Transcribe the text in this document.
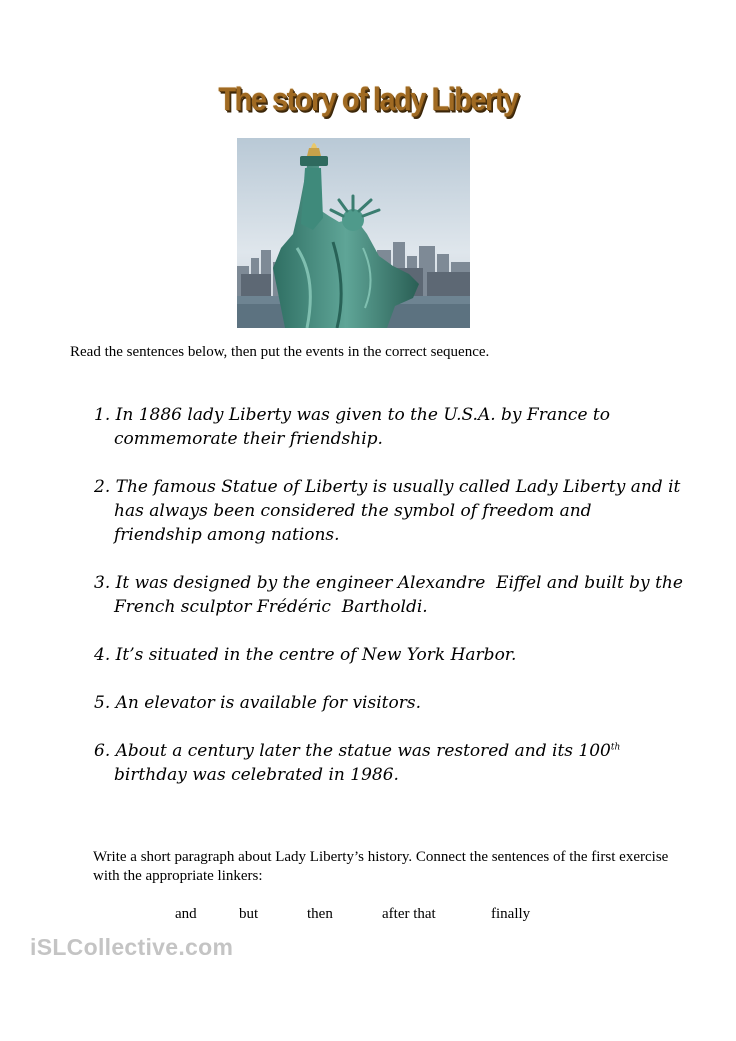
The story of lady Liberty
Read the sentences below, then put the events in the correct sequence.
1. In 1886 lady Liberty was given to the U.S.A. by France to commemorate their friendship.
2. The famous Statue of Liberty is usually called Lady Liberty and it has always been considered the symbol of freedom and friendship among nations.
3. It was designed by the engineer Alexandre  Eiffel and built by the French sculptor Frédéric  Bartholdi.
4. It’s situated in the centre of New York Harbor.
5. An elevator is available for visitors.
6. About a century later the statue was restored and its 100th birthday was celebrated in 1986.
Write a short paragraph about Lady Liberty’s history. Connect the sentences of the first exercise with the appropriate linkers:
and	but	then	after that	finally
iSLCollective.com
